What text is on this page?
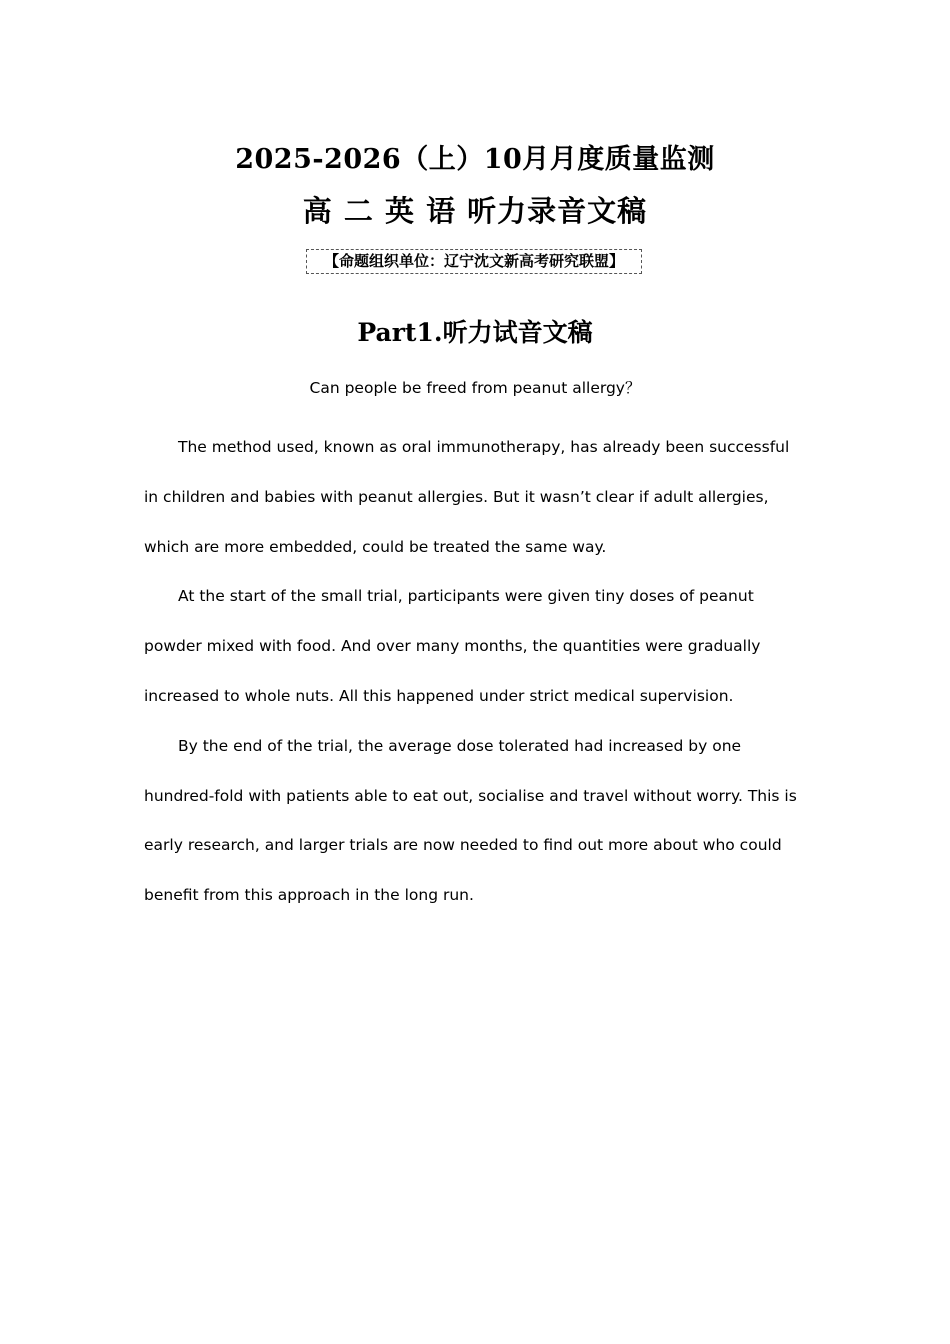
2025-2026（上）10月月度质量监测
高 二 英 语 听力录音文稿
【命题组织单位：辽宁沈文新高考研究联盟】
Part1.听力试音文稿
Can people be freed from peanut allergy？

The method used, known as oral immunotherapy, has already been successful in children and babies with peanut allergies. But it wasn’t clear if adult allergies, which are more embedded, could be treated the same way.

At the start of the small trial, participants were given tiny doses of peanut powder mixed with food. And over many months, the quantities were gradually increased to whole nuts. All this happened under strict medical supervision.

By the end of the trial, the average dose tolerated had increased by one hundred-fold with patients able to eat out, socialise and travel without worry. This is early research, and larger trials are now needed to find out more about who could benefit from this approach in the long run.
